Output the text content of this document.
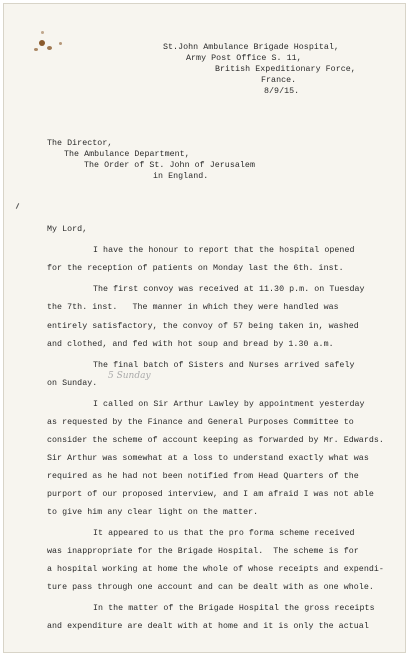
St.John Ambulance Brigade Hospital,
Army Post Office S. 11,
British Expeditionary Force,
France.
8/9/15.
The Director,
The Ambulance Department,
The Order of St. John of Jerusalem
in England.
My Lord,
I have the honour to report that the hospital opened
for the reception of patients on Monday last the 6th. inst.
The first convoy was received at 11.30 p.m. on Tuesday
the 7th. inst.   The manner in which they were handled was
entirely satisfactory, the convoy of 57 being taken in, washed
and clothed, and fed with hot soup and bread by 1.30 a.m.
The final batch of Sisters and Nurses arrived safely
on Sunday.
5 Sunday
I called on Sir Arthur Lawley by appointment yesterday
as requested by the Finance and General Purposes Committee to
consider the scheme of account keeping as forwarded by Mr. Edwards.
Sir Arthur was somewhat at a loss to understand exactly what was
required as he had not been notified from Head Quarters of the
purport of our proposed interview, and I am afraid I was not able
to give him any clear light on the matter.
It appeared to us that the pro forma scheme received
was inappropriate for the Brigade Hospital.  The scheme is for
a hospital working at home the whole of whose receipts and expendi-
ture pass through one account and can be dealt with as one whole.
In the matter of the Brigade Hospital the gross receipts
and expenditure are dealt with at home and it is only the actual
